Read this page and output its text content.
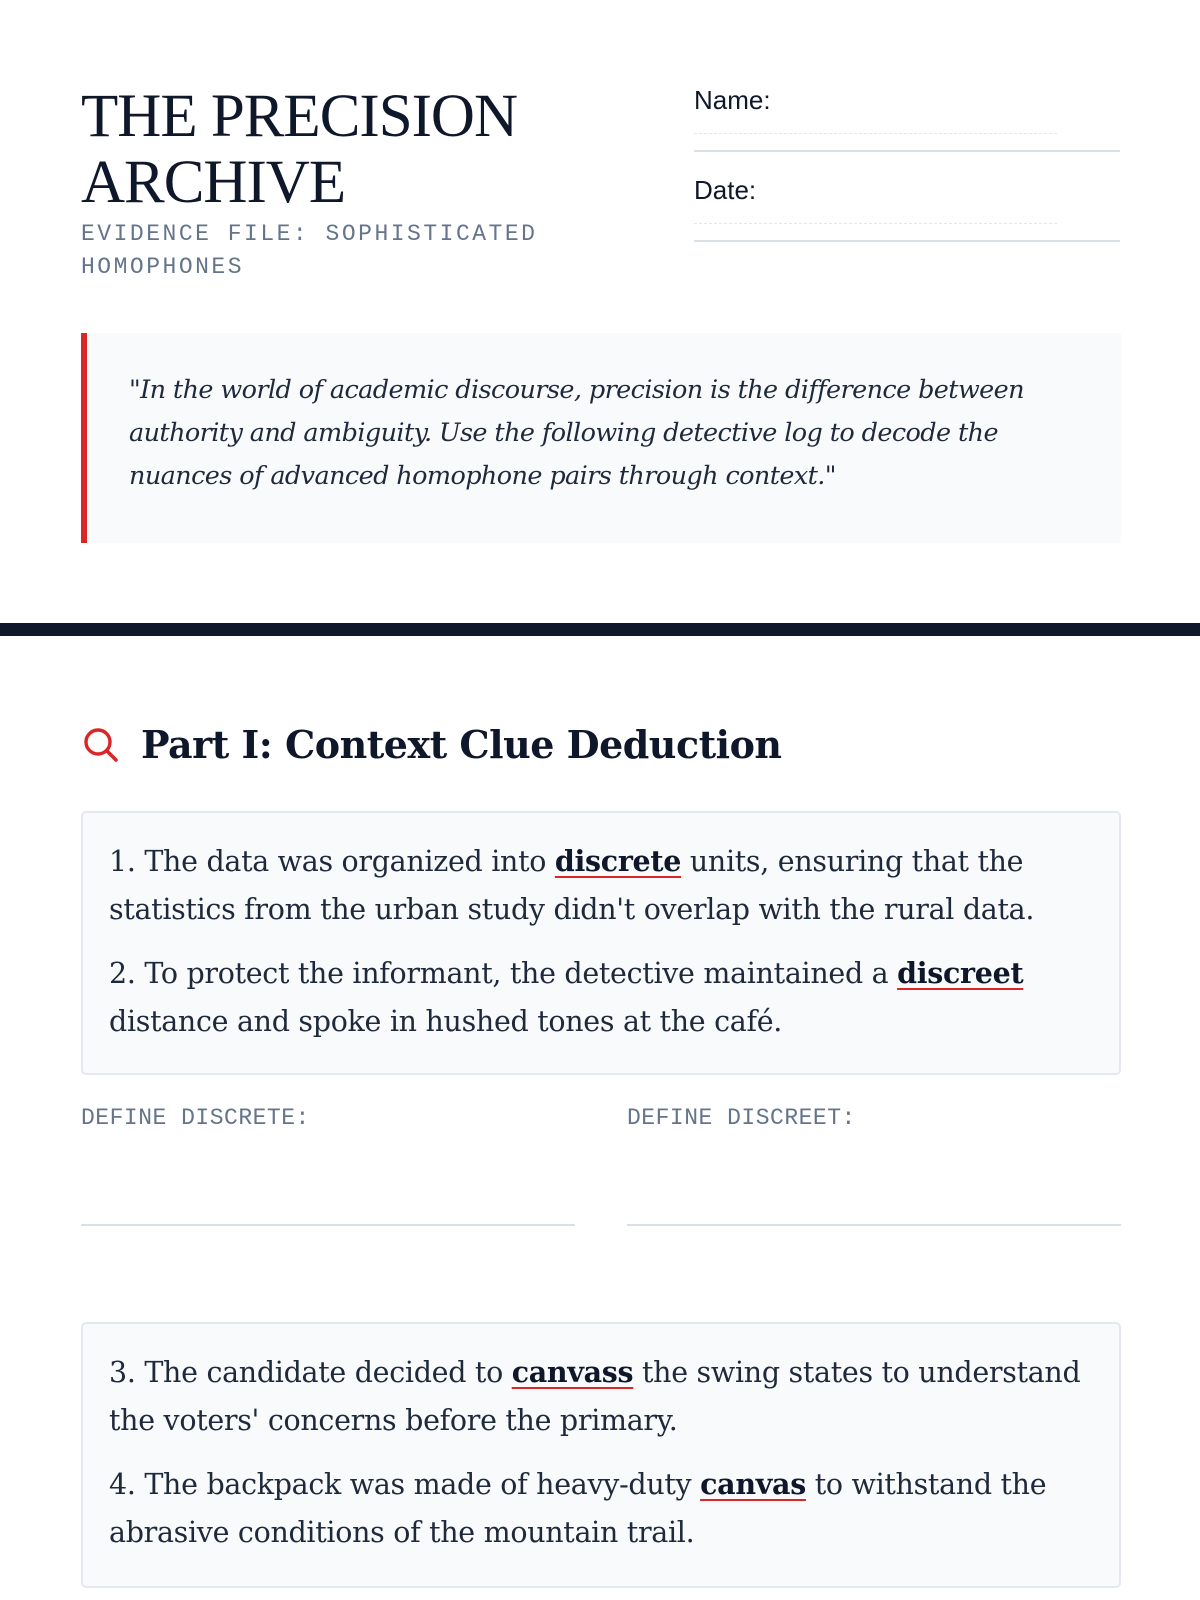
THE PRECISION
ARCHIVE
EVIDENCE FILE: SOPHISTICATED
HOMOPHONES
Name:
Date:

"In the world of academic discourse, precision is the difference between authority and ambiguity. Use the following detective log to decode the nuances of advanced homophone pairs through context."

Part I: Context Clue Deduction

1. The data was organized into discrete units, ensuring that the statistics from the urban study didn't overlap with the rural data.

2. To protect the informant, the detective maintained a discreet distance and spoke in hushed tones at the café.

DEFINE DISCRETE:	DEFINE DISCREET:

3. The candidate decided to canvass the swing states to understand the voters' concerns before the primary.

4. The backpack was made of heavy-duty canvas to withstand the abrasive conditions of the mountain trail.
